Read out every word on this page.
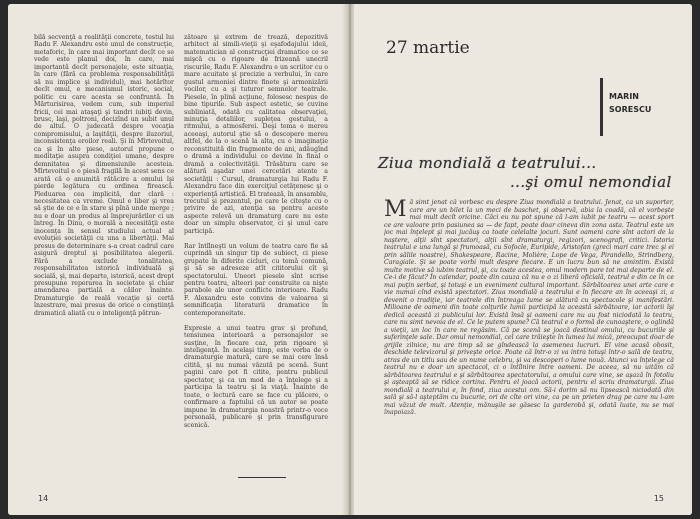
bilă secvenţă a realităţii concrete, testul lui Radu F. Alexandru este unul de construcţie, metaforic, în care mai important decît ce se vede este planul doi, în care, mai importantă decît personajele, este situaţia, în care (fără ca problema responsabilităţii să nu implice şi individul), mai hotărîtor decît omul, e mecanismul istoric, social, politic cu care acesta se confruntă. În Mărturisirea, vedem cum, sub imperiul fricii, cei mai ataşaţi şi tandri iubiţi devin, brusc, laşi, poltroni, decizînd un subit unul de altul. O judecată despre vocaţia compromisului, a laşităţii, despre iluzoriul, inconsistenţa eroilor reali. Şi în Mîrtevoitul, ca şi în alte piese, autorul propune o meditaţie asupra condiţiei umane, despre demnitatea şi dimensiunile acesteia. Mîrtevoitul e o piesă fragilă în acest sens ce arată că o anumită rătăcire a omului îşi pierde legătura cu ordinea firească. Pleduarea cea implicită, dar clară : necesitatea ca vreme. Omul e liber şi vrea să ştie de ce e în stare şi pînă unde merge ; nu e doar un produs al împrejurărilor ci un întreg. În Dinu, o morală a necesităţii este inocenţa în sensul studiului actual al evoluţiei societăţii cu una a libertăţii. Mai presus de determinare s-a creat cadrul care asigură dreptul şi posibilitatea alegerii. Fără a exclude tonalitatea, responsabilitatea istorică individuală şi socială, şi, mai departe, istorică, acest drept presupune reperarea în societate şi chiar amendarea partială a căilor înainte. Dramaturgie de reală vocaţie şi certă înzestrare, mai presus de orice o conştiinţă dramatică aliată cu o inteligenţă pătrun-

zătoare şi extrem de trează, depozitivă arhitect al simili-vieţii şi eşafodajului ideii, matematician al construcţiei dramatice ce se mişcă cu o rigoare de frizeană unecril riscurile, Radu F. Alexandru e un scriitor cu o mare acuitate şi precizie a verbului, în care gustul armoniei dintre finete şi armonizării vocilor, cu a şi tuturor semnelor teatrale. Piesele, în plină acţiune, folosesc nespus de bine tipurile. Sub aspect estetic, se cuvine subliniată, odată cu calitatea observaţiei, minuţia detaliilor, supleţea gestului, a ritmului, a atmosferei. Deşi tema e mereu aceeaşi, autorul ştie să o descopere mereu altfel, de la o scenă la alta, cu o imaginaţie reconstituită din fragmente de ani, adăugînd o dramă a individului ce devine în final o dramă a colectivităţii. Trăsătura care se alătură aşadar unei cercetări atente a societăţii : Cursul, dramaturgia lui Radu F. Alexandru face din exerciţiul cetăţenesc şi o experienţă artistică. El tratează, în ansamblu, trecutul şi prezentul, pe care le citeşte cu o privire de azi, atenţia sa pentru aceste aspecte relevă un dramaturg care nu este doar un simplu observator, ci şi unul care participă.

Rar întîlneşti un volum de teatru care fie să cuprindă un singur tip de subiect, ci piese grupate în diferite cicluri, cu temă comună, şi să se adreseze atît cititorului cît şi spectatorului. Uneori piesele sînt scrise pentru teatru, alteori par construite ca nişte parabole ale unor conflicte interioare. Radu F. Alexandru este convins de valoarea şi semnificaţia literaturii dramatice în contemporaneitate.

Expresie a unui teatru grav şi profund, tensiunea interioară a personajelor se susţine, în fiecare caz, prin rigoare şi inteligenţă. În acelaşi timp, este vorba de o dramaturgie matură, care se mai cere însă citită, şi nu numai văzută pe scenă. Sunt pagini care pot fi citite, pentru publicul spectator, şi ca un mod de a înţelege şi a participa la teatru şi la viaţă. Înainte de toate, o lectură care se face cu plăcere, o confirmare a faptului că un autor se poate impune în dramaturgia noastră printr-o voce personală, publicare şi prin transfigurare scenică.

14
27 martie
MARIN
SORESCU
Ziua mondială a teatrului...
...şi omul nemondial
M ă simt jenat că vorbesc eu despre Ziua mondială a teatrului. Jenat, ca un suporter, care are un bilet la un meci de baschet, şi observă, abia la coadă, că el vorbeşte mai mult decît oricine. Căci eu nu pot spune că l-am iubit pe teatru — acest sport ce are valoare prin pasiunea sa — de fapt, poate doar cineva din zona asta. Teatrul este un joc mai înţelept şi mai jucăuş ca toate celelalte jocuri. Sunt oameni care sînt actori de la naştere, alţii sînt spectatori, alţii sînt dramaturgi, regizori, scenografi, critici. Istoria teatrului e una lungă şi frumoasă, cu Sofocle, Euripide, Aristofan (greci mari care trec şi ei prin sălile noastre), Shakespeare, Racine, Molière, Lope de Vega, Pirandello, Strindberg, Caragiale. Şi se poate vorbi mult despre fiecare. E un lucru bun să ne amintim. Există multe motive să iubim teatrul, şi, cu toate acestea, omul modern pare tot mai departe de el. Ce-i de făcut? În calendar, poate din cauza că nu e o zi liberă oficială, teatrul e din ce în ce mai puţin serbat, şi totuşi e un eveniment cultural important. Sărbătoarea unei arte care e vie numai cînd există spectatori. Ziua mondială a teatrului e în fiecare an în aceeaşi zi, a devenit o tradiţie, iar teatrele din întreaga lume se alătură cu spectacole şi manifestări. Milioane de oameni din toate colţurile lumii participă la această sărbătoare, iar actorii îşi dedică această zi publicului lor. Există însă şi oameni care nu au fost niciodată la teatru, care nu simt nevoia de el. Ce le putem spune? Că teatrul e o formă de cunoaştere, o oglindă a vieţii, un loc în care ne regăsim. Că pe scenă se joacă destinul omului, cu bucuriile şi suferinţele sale. Dar omul nemondial, cel care trăieşte în lumea lui mică, preocupat doar de grijile zilnice, nu are timp să se gîndească la asemenea lucruri. El vine acasă obosit, deschide televizorul şi priveşte orice. Poate că într-o zi va intra totuşi într-o sală de teatru, atras de un titlu sau de un nume celebru, şi va descoperi o lume nouă. Atunci va înţelege că teatrul nu e doar un spectacol, ci o întîlnire între oameni. De aceea, să nu uităm că sărbătoarea teatrului e şi sărbătoarea spectatorului, a omului care vine, se aşază în fotoliu şi aşteaptă să se ridice cortina. Pentru el joacă actorii, pentru el scriu dramaturgii. Ziua mondială a teatrului e, în fond, ziua acestui om. Să-i dorim să nu lipsească niciodată din sală şi să-l aşteptăm cu bucurie, ori de cîte ori vine, ca pe un prieten drag pe care nu l-am mai văzut de mult. Atenţie, mănuşile se găsesc la garderobă şi, odată luate, nu se mai înapoiază.

15
